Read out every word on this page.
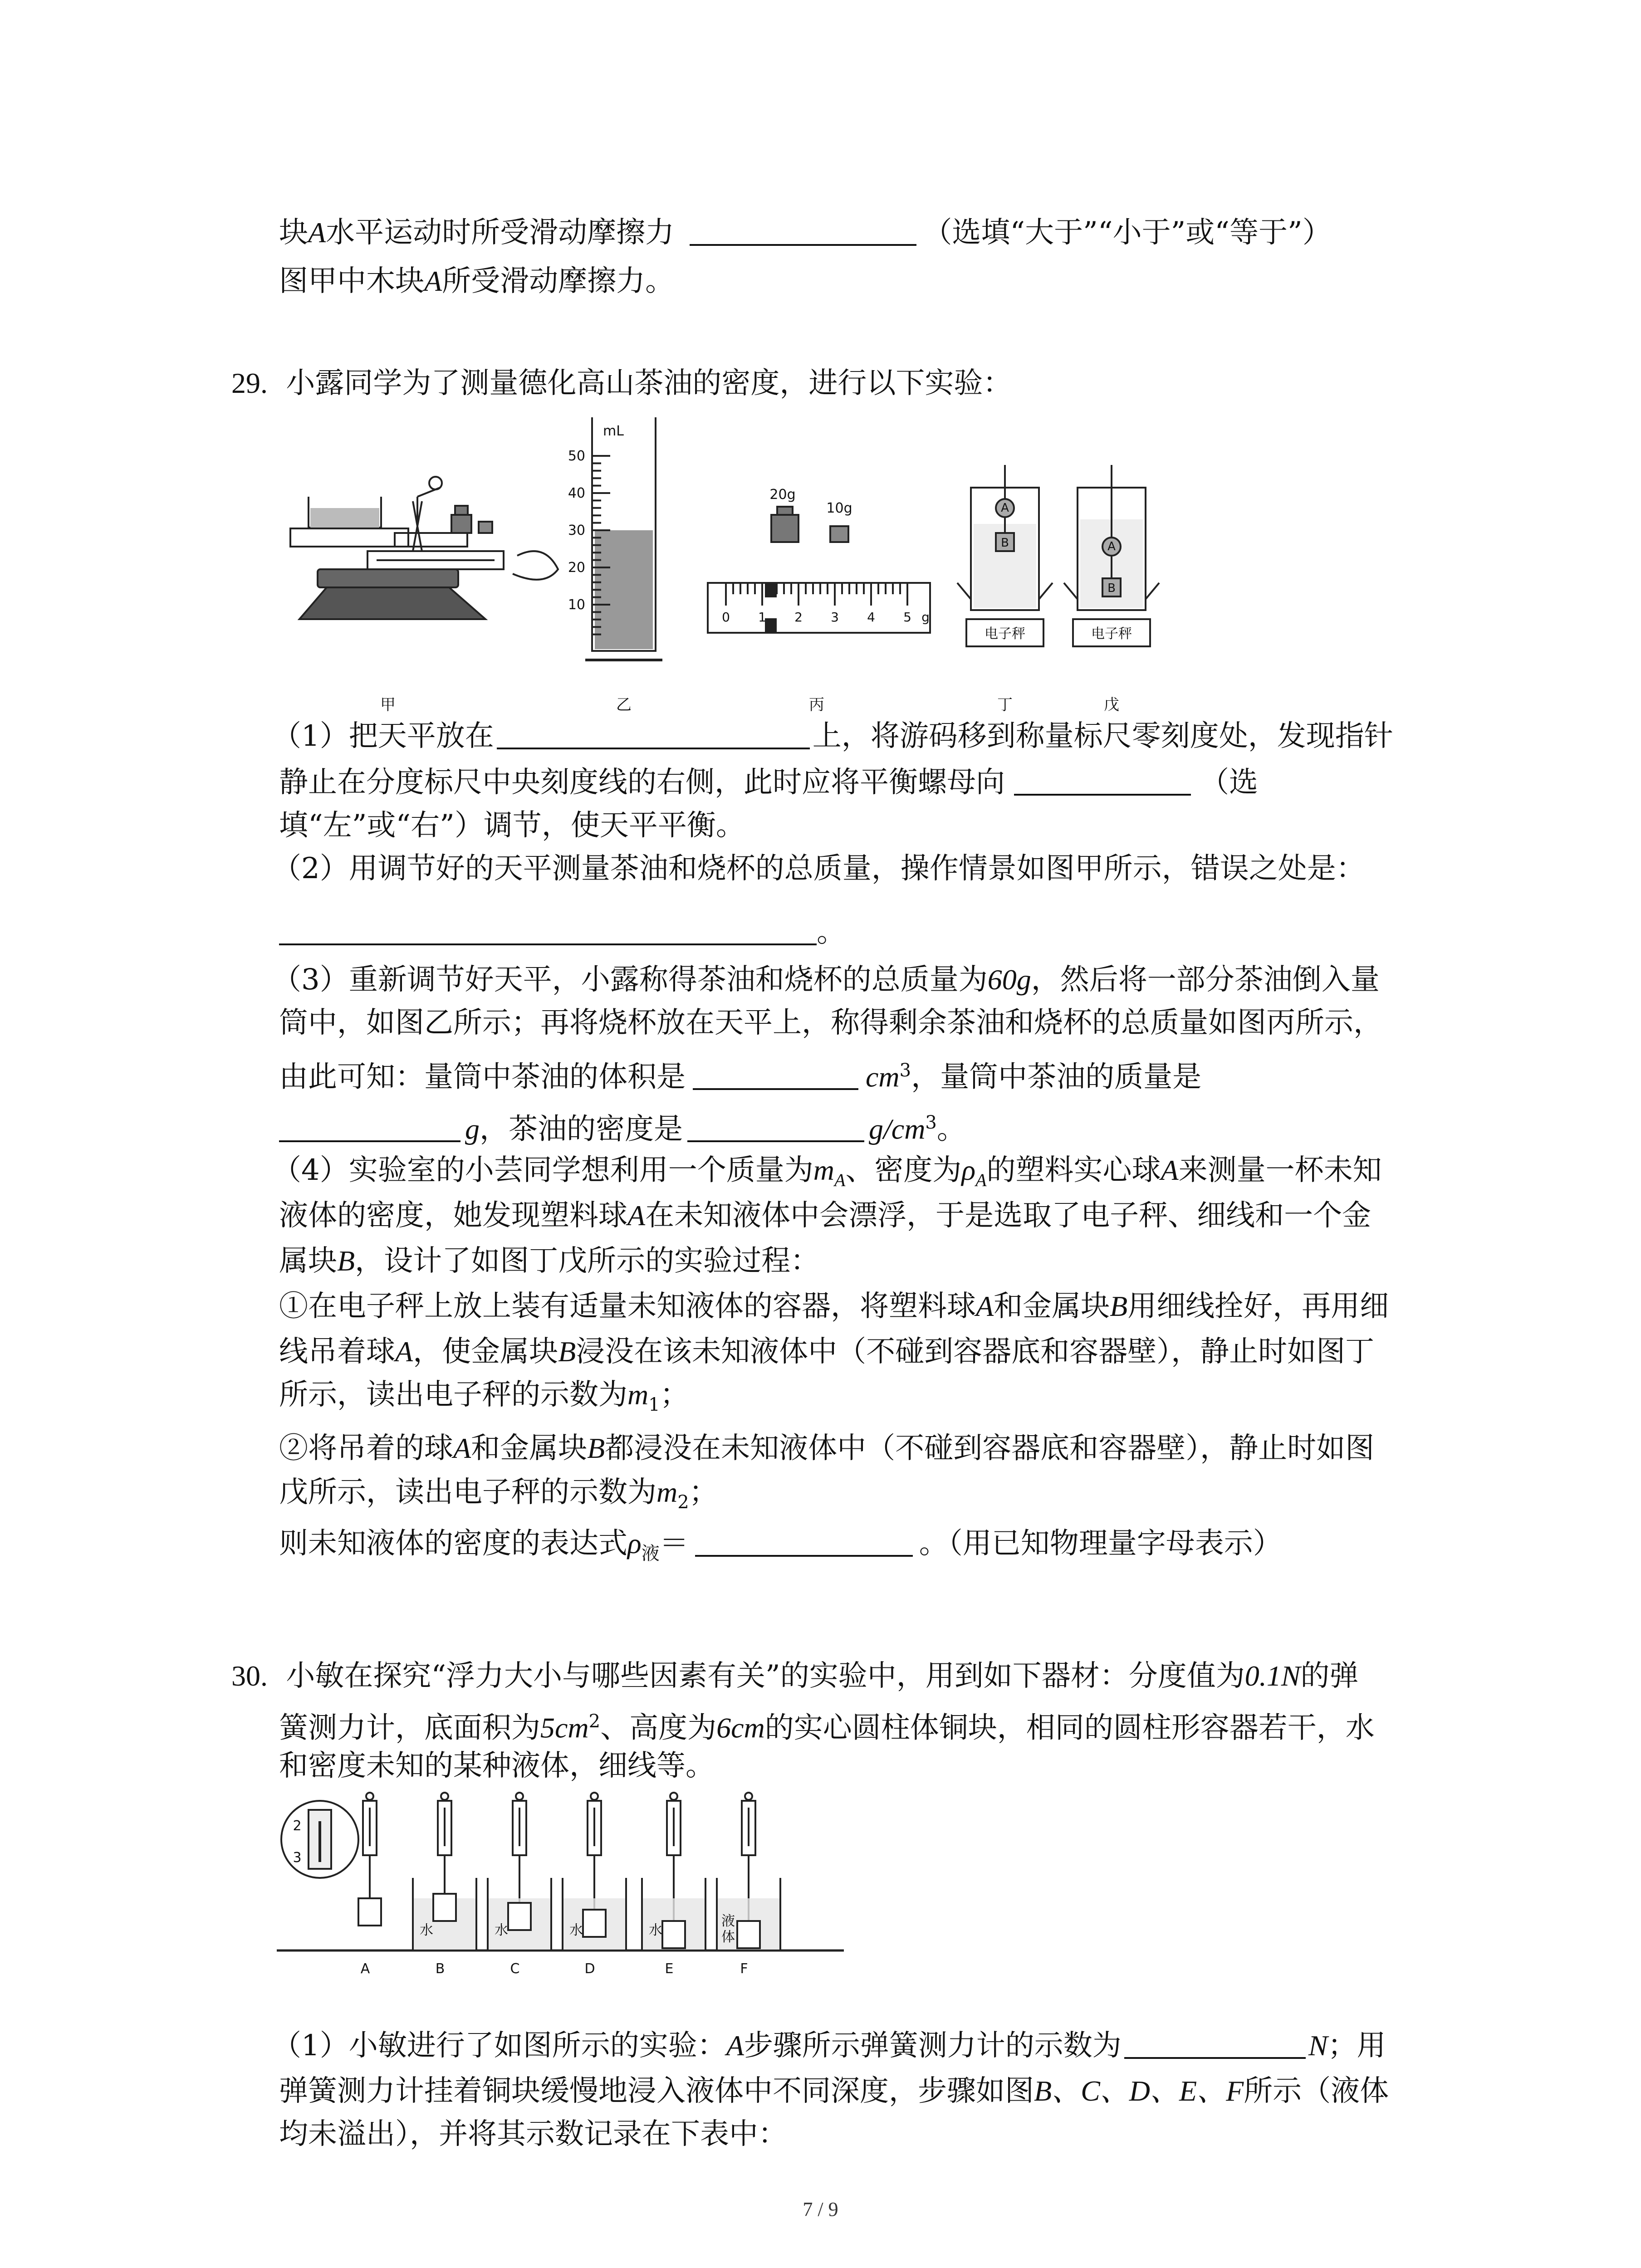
块A水平运动时所受滑动摩擦力	（选填“大于”“小于”或“等于”）
图甲中木块A所受滑动摩擦力。
29. 小露同学为了测量德化高山茶油的密度，进行以下实验：
mL
20g
10g	A
B	A
B
电子秤	电子秤
g
50
40
30
20
10
0 1 2 3 4 5
甲	乙	丙	丁	戊
（1）把天平放在	上，将游码移到称量标尺零刻度处，发现指针
静止在分度标尺中央刻度线的右侧，此时应将平衡螺母向	（选
填“左”或“右”）调节，使天平平衡。
（2）用调节好的天平测量茶油和烧杯的总质量，操作情景如图甲所示，错误之处是：
。
（3）重新调节好天平，小露称得茶油和烧杯的总质量为60g，然后将一部分茶油倒入量
筒中，如图乙所示；再将烧杯放在天平上，称得剩余茶油和烧杯的总质量如图丙所示，
由此可知：量筒中茶油的体积是	$cm^3$，量筒中茶油的质量是
g，茶油的密度是	$g/cm^3$。
（4）实验室的小芸同学想利用一个质量为$m_A$、密度为$\rho_A$的塑料实心球A来测量一杯未知
液体的密度，她发现塑料球A在未知液体中会漂浮，于是选取了电子秤、细线和一个金
属块B，设计了如图丁戊所示的实验过程：
①在电子秤上放上装有适量未知液体的容器，将塑料球A和金属块B用细线拴好，再用细
线吊着球A，使金属块B浸没在该未知液体中（不碰到容器底和容器壁），静止时如图丁
所示，读出电子秤的示数为$m_1$；
②将吊着的球A和金属块B都浸没在未知液体中（不碰到容器底和容器壁），静止时如图
戊所示，读出电子秤的示数为$m_2$；
则未知液体的密度的表达式$\rho_液=$	。（用已知物理量字母表示）
30. 小敏在探究“浮力大小与哪些因素有关”的实验中，用到如下器材：分度值为0.1N的弹
簧测力计，底面积为$5cm^2$、高度为6cm的实心圆柱体铜块，相同的圆柱形容器若干，水
和密度未知的某种液体，细线等。
A
水
B
水
C
水
D
水
E
液
体
F
2
3
（1）小敏进行了如图所示的实验：A步骤所示弹簧测力计的示数为	N；用
弹簧测力计挂着铜块缓慢地浸入液体中不同深度，步骤如图B、C、D、E、F所示（液体
均未溢出），并将其示数记录在下表中：
7 / 9
